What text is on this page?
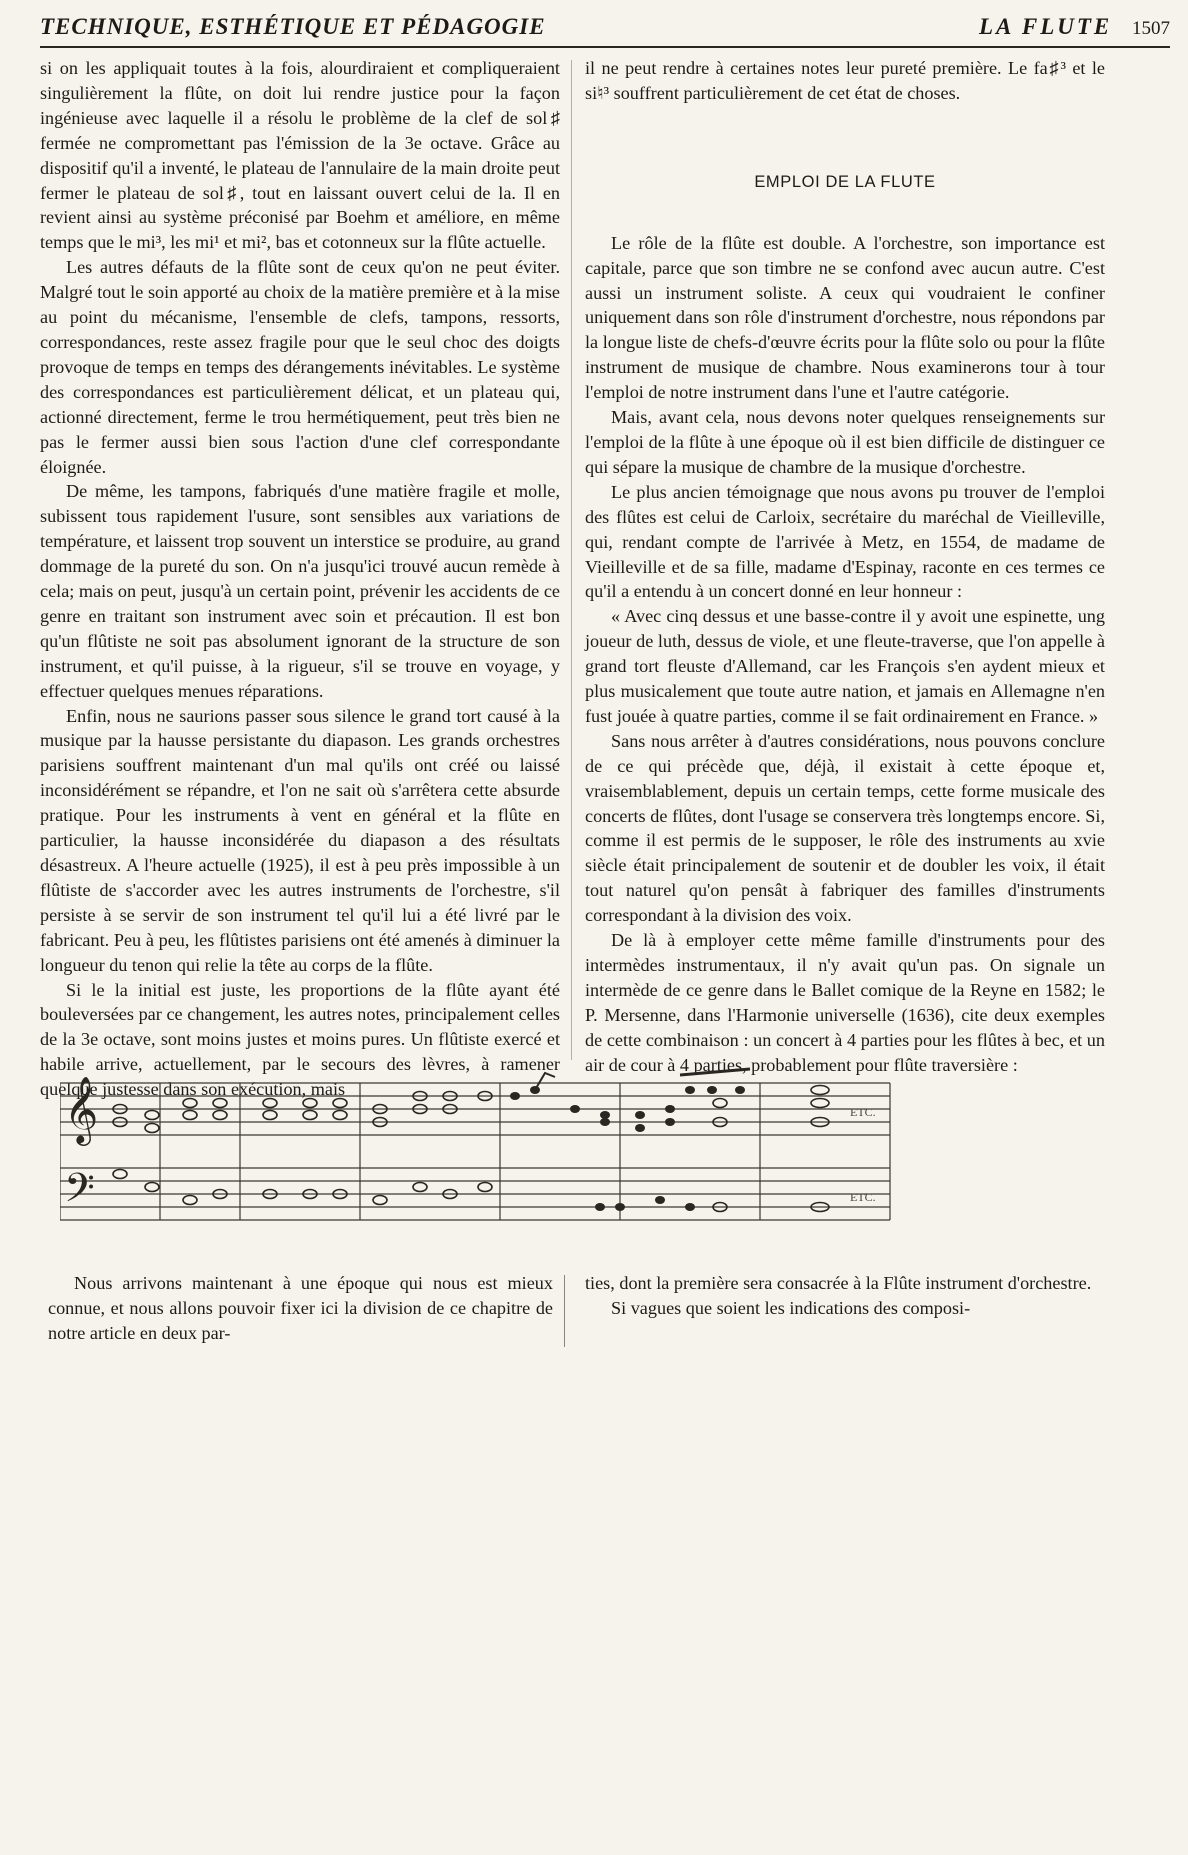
TECHNIQUE, ESTHÉTIQUE ET PÉDAGOGIE	LA FLUTE 1507

si on les appliquait toutes à la fois, alourdiraient et compliqueraient singulièrement la flûte, on doit lui rendre justice pour la façon ingénieuse avec laquelle il a résolu le problème de la clef de sol♯ fermée ne compromettant pas l'émission de la 3e octave. Grâce au dispositif qu'il a inventé, le plateau de l'annulaire de la main droite peut fermer le plateau de sol♯, tout en laissant ouvert celui de la. Il en revient ainsi au système préconisé par Boehm et améliore, en même temps que le mi³, les mi¹ et mi², bas et cotonneux sur la flûte actuelle.

Les autres défauts de la flûte sont de ceux qu'on ne peut éviter. Malgré tout le soin apporté au choix de la matière première et à la mise au point du mécanisme, l'ensemble de clefs, tampons, ressorts, correspondances, reste assez fragile pour que le seul choc des doigts provoque de temps en temps des dérangements inévitables. Le système des correspondances est particulièrement délicat, et un plateau qui, actionné directement, ferme le trou hermétiquement, peut très bien ne pas le fermer aussi bien sous l'action d'une clef correspondante éloignée.

De même, les tampons, fabriqués d'une matière fragile et molle, subissent tous rapidement l'usure, sont sensibles aux variations de température, et laissent trop souvent un interstice se produire, au grand dommage de la pureté du son. On n'a jusqu'ici trouvé aucun remède à cela; mais on peut, jusqu'à un certain point, prévenir les accidents de ce genre en traitant son instrument avec soin et précaution. Il est bon qu'un flûtiste ne soit pas absolument ignorant de la structure de son instrument, et qu'il puisse, à la rigueur, s'il se trouve en voyage, y effectuer quelques menues réparations.

Enfin, nous ne saurions passer sous silence le grand tort causé à la musique par la hausse persistante du diapason. Les grands orchestres parisiens souffrent maintenant d'un mal qu'ils ont créé ou laissé inconsidérément se répandre, et l'on ne sait où s'arrêtera cette absurde pratique. Pour les instruments à vent en général et la flûte en particulier, la hausse inconsidérée du diapason a des résultats désastreux. A l'heure actuelle (1925), il est à peu près impossible à un flûtiste de s'accorder avec les autres instruments de l'orchestre, s'il persiste à se servir de son instrument tel qu'il lui a été livré par le fabricant. Peu à peu, les flûtistes parisiens ont été amenés à diminuer la longueur du tenon qui relie la tête au corps de la flûte.

Si le la initial est juste, les proportions de la flûte ayant été bouleversées par ce changement, les autres notes, principalement celles de la 3e octave, sont moins justes et moins pures. Un flûtiste exercé et habile arrive, actuellement, par le secours des lèvres, à ramener quelque justesse dans son exécution, mais

il ne peut rendre à certaines notes leur pureté première. Le fa♯³ et le si♮³ souffrent particulièrement de cet état de choses.

EMPLOI DE LA FLUTE

Le rôle de la flûte est double. A l'orchestre, son importance est capitale, parce que son timbre ne se confond avec aucun autre. C'est aussi un instrument soliste. A ceux qui voudraient le confiner uniquement dans son rôle d'instrument d'orchestre, nous répondons par la longue liste de chefs-d'œuvre écrits pour la flûte solo ou pour la flûte instrument de musique de chambre. Nous examinerons tour à tour l'emploi de notre instrument dans l'une et l'autre catégorie.

Mais, avant cela, nous devons noter quelques renseignements sur l'emploi de la flûte à une époque où il est bien difficile de distinguer ce qui sépare la musique de chambre de la musique d'orchestre.

Le plus ancien témoignage que nous avons pu trouver de l'emploi des flûtes est celui de Carloix, secrétaire du maréchal de Vieilleville, qui, rendant compte de l'arrivée à Metz, en 1554, de madame de Vieilleville et de sa fille, madame d'Espinay, raconte en ces termes ce qu'il a entendu à un concert donné en leur honneur :

« Avec cinq dessus et une basse-contre il y avoit une espinette, ung joueur de luth, dessus de viole, et une fleute-traverse, que l'on appelle à grand tort fleuste d'Allemand, car les François s'en aydent mieux et plus musicalement que toute autre nation, et jamais en Allemagne n'en fust jouée à quatre parties, comme il se fait ordinairement en France. »

Sans nous arrêter à d'autres considérations, nous pouvons conclure de ce qui précède que, déjà, il existait à cette époque et, vraisemblablement, depuis un certain temps, cette forme musicale des concerts de flûtes, dont l'usage se conservera très longtemps encore. Si, comme il est permis de le supposer, le rôle des instruments au xvie siècle était principalement de soutenir et de doubler les voix, il était tout naturel qu'on pensât à fabriquer des familles d'instruments correspondant à la division des voix.

De là à employer cette même famille d'instruments pour des intermèdes instrumentaux, il n'y avait qu'un pas. On signale un intermède de ce genre dans le Ballet comique de la Reyne en 1582; le P. Mersenne, dans l'Harmonie universelle (1636), cite deux exemples de cette combinaison : un concert à 4 parties pour les flûtes à bec, et un air de cour à 4 parties, probablement pour flûte traversière :

𝄞
𝄢
ETC.
ETC.

Nous arrivons maintenant à une époque qui nous est mieux connue, et nous allons pouvoir fixer ici la division de ce chapitre de notre article en deux par-

ties, dont la première sera consacrée à la Flûte instrument d'orchestre.

Si vagues que soient les indications des composi-
